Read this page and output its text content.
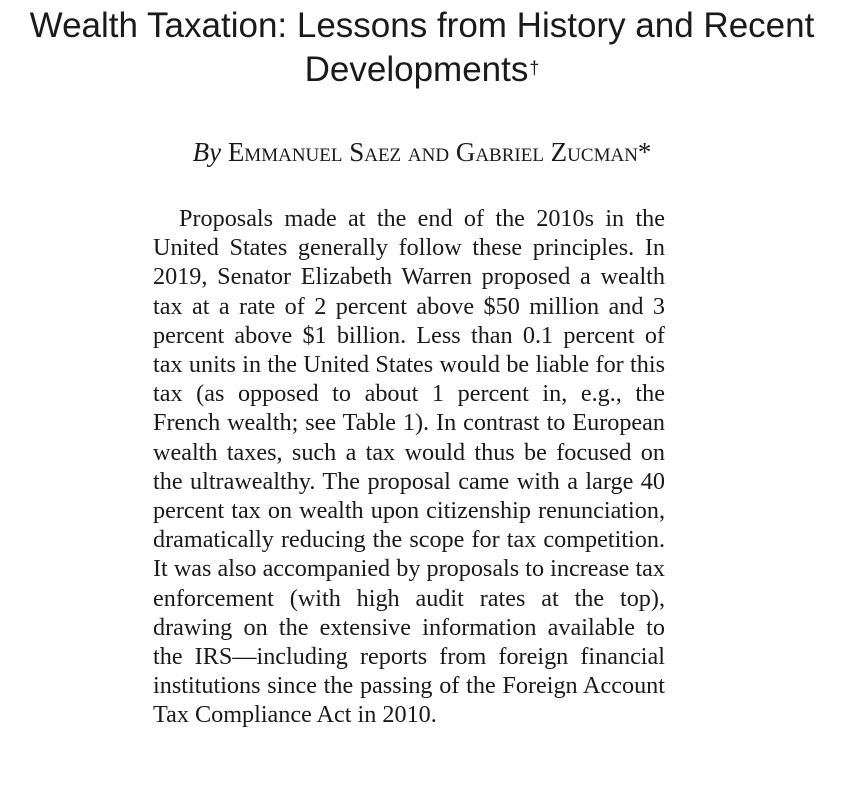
Wealth Taxation: Lessons from History and Recent Developments†
By Emmanuel Saez and Gabriel Zucman*

Proposals made at the end of the 2010s in the United States generally follow these principles. In 2019, Senator Elizabeth Warren proposed a wealth tax at a rate of 2 percent above $50 million and 3 percent above $1 billion. Less than 0.1 percent of tax units in the United States would be liable for this tax (as opposed to about 1 percent in, e.g., the French wealth; see Table 1). In contrast to European wealth taxes, such a tax would thus be focused on the ultrawealthy. The proposal came with a large 40 percent tax on wealth upon citizenship renunciation, dramatically reducing the scope for tax competition. It was also accompanied by proposals to increase tax enforcement (with high audit rates at the top), drawing on the extensive information available to the IRS—including reports from foreign financial institutions since the passing of the Foreign Account Tax Compliance Act in 2010.
